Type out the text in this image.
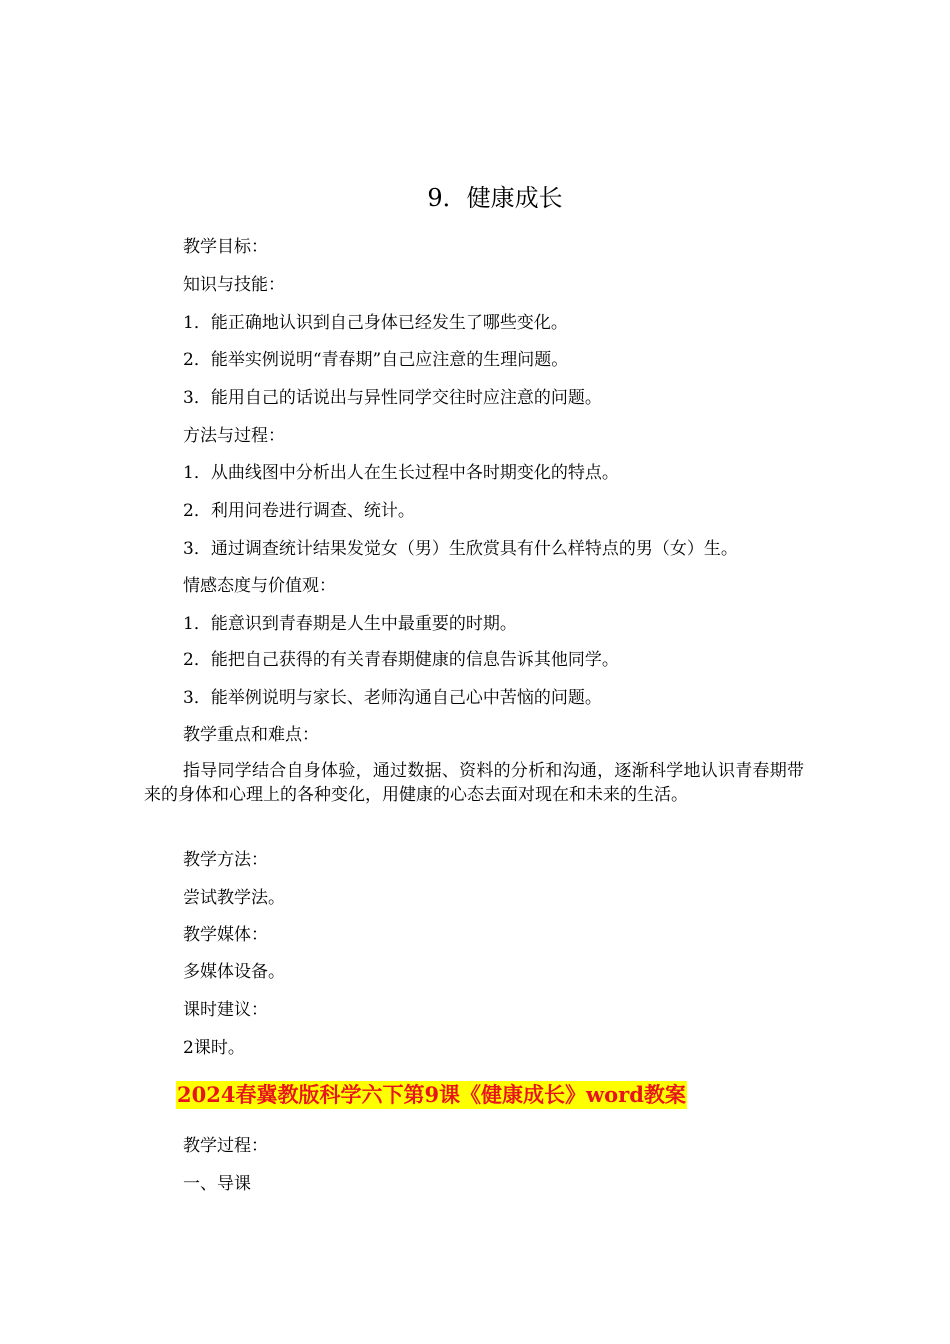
9．健康成长
教学目标：
知识与技能：
1．能正确地认识到自己身体已经发生了哪些变化。
2．能举实例说明“青春期”自己应注意的生理问题。
3．能用自己的话说出与异性同学交往时应注意的问题。
方法与过程：
1．从曲线图中分析出人在生长过程中各时期变化的特点。
2．利用问卷进行调查、统计。
3．通过调查统计结果发觉女（男）生欣赏具有什么样特点的男（女）生。
情感态度与价值观：
1．能意识到青春期是人生中最重要的时期。
2．能把自己获得的有关青春期健康的信息告诉其他同学。
3．能举例说明与家长、老师沟通自己心中苦恼的问题。
教学重点和难点：
指导同学结合自身体验，通过数据、资料的分析和沟通，逐渐科学地认识青春期带来的身体和心理上的各种变化，用健康的心态去面对现在和未来的生活。
教学方法：
尝试教学法。
教学媒体：
多媒体设备。
课时建议：
2课时。
2024春冀教版科学六下第9课《健康成长》word教案
教学过程：
一、导课
